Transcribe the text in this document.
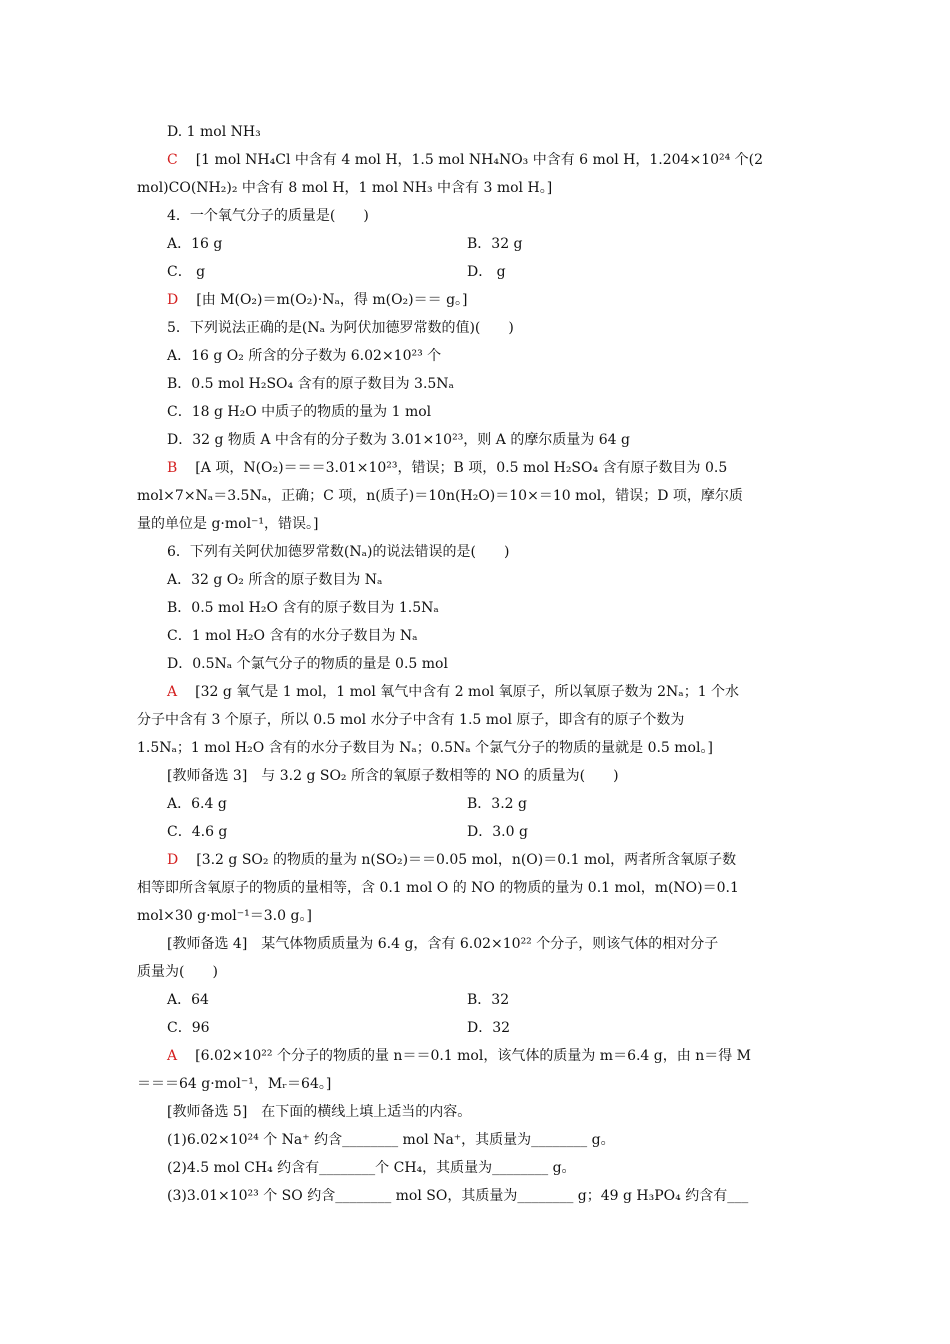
D. 1 mol NH₃
C [1 mol NH₄Cl 中含有 4 mol H，1.5 mol NH₄NO₃ 中含有 6 mol H，1.204×10²⁴ 个(2
mol)CO(NH₂)₂ 中含有 8 mol H，1 mol NH₃ 中含有 3 mol H。]
4．一个氧气分子的质量是(　　)
A．16 g	B．32 g
C． g	D． g
D [由 M(O₂)＝m(O₂)·Nₐ，得 m(O₂)＝＝ g。]
5．下列说法正确的是(Nₐ 为阿伏加德罗常数的值)(　　)
A．16 g O₂ 所含的分子数为 6.02×10²³ 个
B．0.5 mol H₂SO₄ 含有的原子数目为 3.5Nₐ
C．18 g H₂O 中质子的物质的量为 1 mol
D．32 g 物质 A 中含有的分子数为 3.01×10²³，则 A 的摩尔质量为 64 g
B [A 项，N(O₂)＝＝＝3.01×10²³，错误；B 项，0.5 mol H₂SO₄ 含有原子数目为 0.5
mol×7×Nₐ＝3.5Nₐ，正确；C 项，n(质子)＝10n(H₂O)＝10×＝10 mol，错误；D 项，摩尔质
量的单位是 g·mol⁻¹，错误。]
6．下列有关阿伏加德罗常数(Nₐ)的说法错误的是(　　)
A．32 g O₂ 所含的原子数目为 Nₐ
B．0.5 mol H₂O 含有的原子数目为 1.5Nₐ
C．1 mol H₂O 含有的水分子数目为 Nₐ
D．0.5Nₐ 个氯气分子的物质的量是 0.5 mol
A [32 g 氧气是 1 mol，1 mol 氧气中含有 2 mol 氧原子，所以氧原子数为 2Nₐ；1 个水
分子中含有 3 个原子，所以 0.5 mol 水分子中含有 1.5 mol 原子，即含有的原子个数为
1.5Nₐ；1 mol H₂O 含有的水分子数目为 Nₐ；0.5Nₐ 个氯气分子的物质的量就是 0.5 mol。]
[教师备选 3]　与 3.2 g SO₂ 所含的氧原子数相等的 NO 的质量为(　　)
A．6.4 g	B．3.2 g
C．4.6 g	D．3.0 g
D [3.2 g SO₂ 的物质的量为 n(SO₂)＝＝0.05 mol，n(O)＝0.1 mol，两者所含氧原子数
相等即所含氧原子的物质的量相等，含 0.1 mol O 的 NO 的物质的量为 0.1 mol，m(NO)＝0.1
mol×30 g·mol⁻¹＝3.0 g。]
[教师备选 4]　某气体物质质量为 6.4 g，含有 6.02×10²² 个分子，则该气体的相对分子
质量为(　　)
A．64	B．32
C．96	D．32
A [6.02×10²² 个分子的物质的量 n＝＝0.1 mol，该气体的质量为 m＝6.4 g，由 n＝得 M
＝＝＝64 g·mol⁻¹，Mᵣ＝64。]
[教师备选 5]　在下面的横线上填上适当的内容。
(1)6.02×10²⁴ 个 Na⁺ 约含________ mol Na⁺，其质量为________ g。
(2)4.5 mol CH₄ 约含有________个 CH₄，其质量为________ g。
(3)3.01×10²³ 个 SO 约含________ mol SO，其质量为________ g；49 g H₃PO₄ 约含有___
